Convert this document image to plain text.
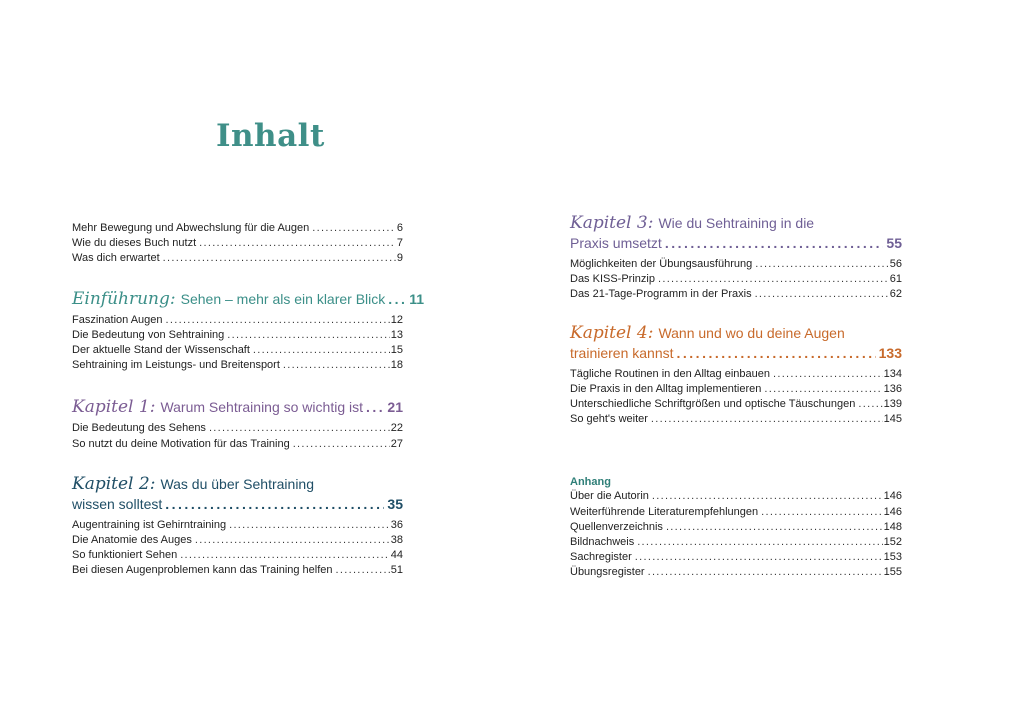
Inhalt
Mehr Bewegung und Abwechslung für die Augen .....	6
Wie du dieses Buch nutzt .....	7
Was dich erwartet .....	9
Einführung: Sehen – mehr als ein klarer Blick ..... 11
Faszination Augen .....	12
Die Bedeutung von Sehtraining .....	13
Der aktuelle Stand der Wissenschaft .....	15
Sehtraining im Leistungs- und Breitensport .....	18
Kapitel 1: Warum Sehtraining so wichtig ist ..... 21
Die Bedeutung des Sehens .....	22
So nutzt du deine Motivation für das Training .....	27
Kapitel 2: Was du über Sehtraining
wissen solltest .....	35
Augentraining ist Gehirntraining .....	36
Die Anatomie des Auges .....	38
So funktioniert Sehen .....	44
Bei diesen Augenproblemen kann das Training helfen .....	51
Kapitel 3: Wie du Sehtraining in die
Praxis umsetzt .....	55
Möglichkeiten der Übungsausführung .....	56
Das KISS-Prinzip .....	61
Das 21-Tage-Programm in der Praxis .....	62
Kapitel 4: Wann und wo du deine Augen
trainieren kannst .....	133
Tägliche Routinen in den Alltag einbauen .....	134
Die Praxis in den Alltag implementieren .....	136
Unterschiedliche Schriftgrößen und optische Täuschungen .....	139
So geht's weiter .....	145
Anhang
Über die Autorin .....	146
Weiterführende Literaturempfehlungen .....	146
Quellenverzeichnis .....	148
Bildnachweis .....	152
Sachregister .....	153
Übungsregister .....	155
